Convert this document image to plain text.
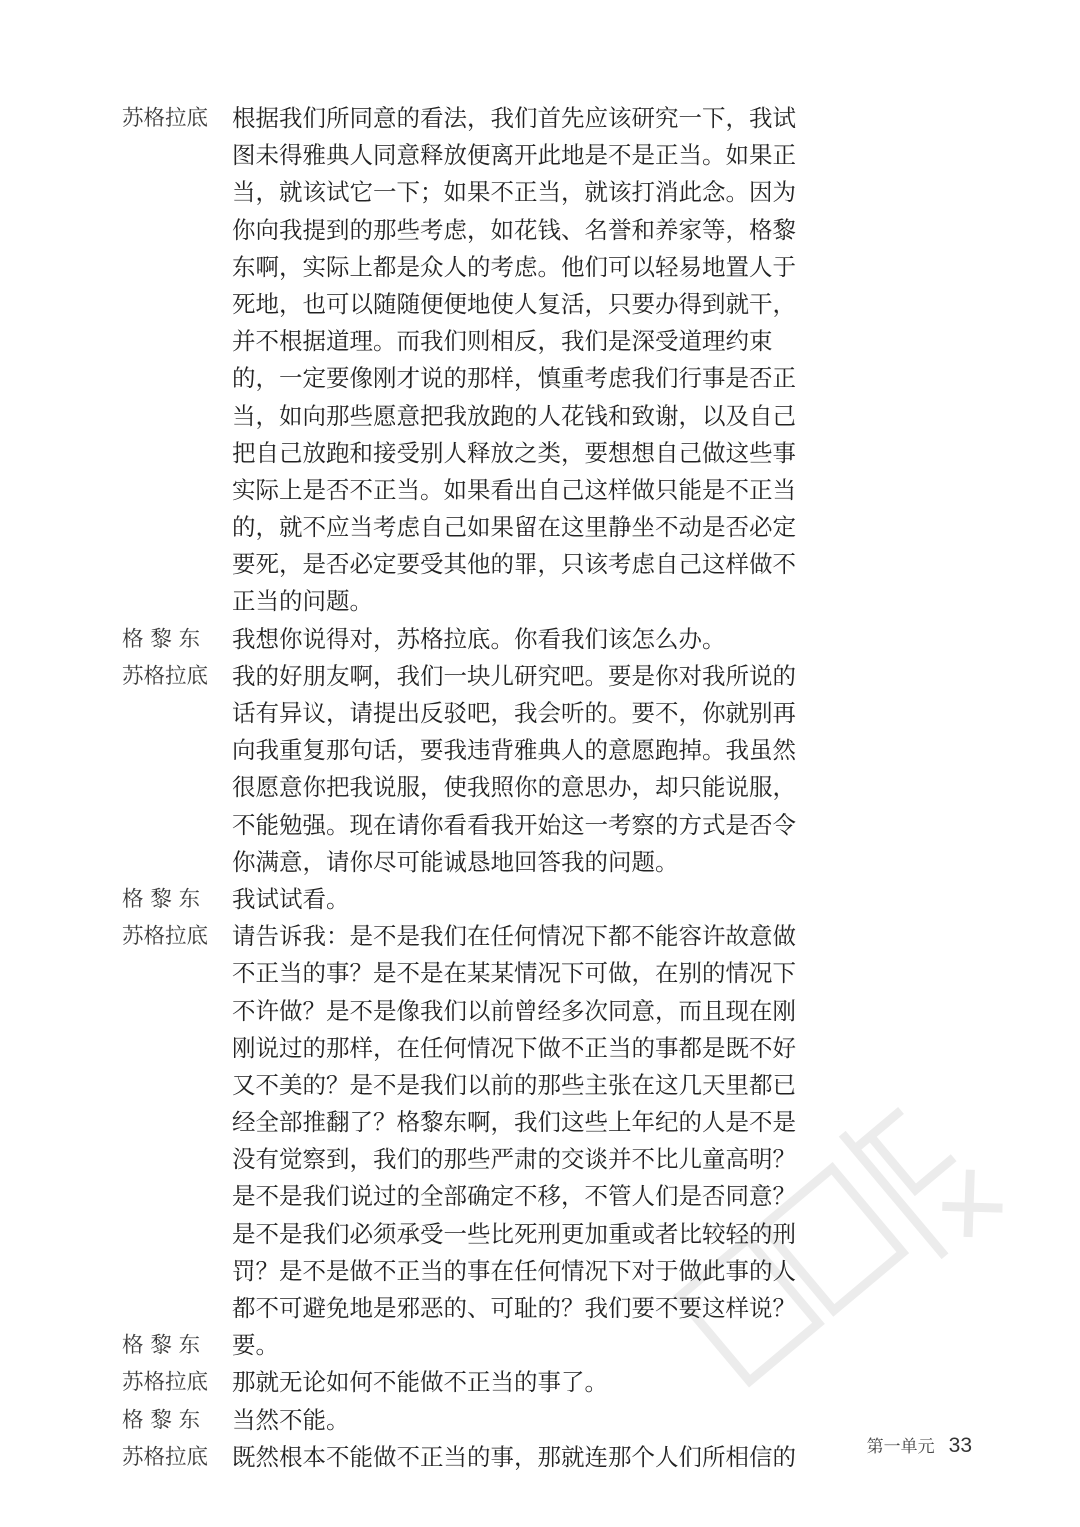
苏格拉底	根据我们所同意的看法，我们首先应该研究一下，我试
图未得雅典人同意释放便离开此地是不是正当。如果正
当，就该试它一下；如果不正当，就该打消此念。因为
你向我提到的那些考虑，如花钱、名誉和养家等，格黎
东啊，实际上都是众人的考虑。他们可以轻易地置人于
死地，也可以随随便便地使人复活，只要办得到就干，
并不根据道理。而我们则相反，我们是深受道理约束
的，一定要像刚才说的那样，慎重考虑我们行事是否正
当，如向那些愿意把我放跑的人花钱和致谢，以及自己
把自己放跑和接受别人释放之类，要想想自己做这些事
实际上是否不正当。如果看出自己这样做只能是不正当
的，就不应当考虑自己如果留在这里静坐不动是否必定
要死，是否必定要受其他的罪，只该考虑自己这样做不
正当的问题。
格 黎 东	我想你说得对，苏格拉底。你看我们该怎么办。
苏格拉底	我的好朋友啊，我们一块儿研究吧。要是你对我所说的
话有异议，请提出反驳吧，我会听的。要不，你就别再
向我重复那句话，要我违背雅典人的意愿跑掉。我虽然
很愿意你把我说服，使我照你的意思办，却只能说服，
不能勉强。现在请你看看我开始这一考察的方式是否令
你满意，请你尽可能诚恳地回答我的问题。
格 黎 东	我试试看。
苏格拉底	请告诉我：是不是我们在任何情况下都不能容许故意做
不正当的事？是不是在某某情况下可做，在别的情况下
不许做？是不是像我们以前曾经多次同意，而且现在刚
刚说过的那样，在任何情况下做不正当的事都是既不好
又不美的？是不是我们以前的那些主张在这几天里都已
经全部推翻了？格黎东啊，我们这些上年纪的人是不是
没有觉察到，我们的那些严肃的交谈并不比儿童高明？
是不是我们说过的全部确定不移，不管人们是否同意？
是不是我们必须承受一些比死刑更加重或者比较轻的刑
罚？是不是做不正当的事在任何情况下对于做此事的人
都不可避免地是邪恶的、可耻的？我们要不要这样说？
格 黎 东	要。
苏格拉底	那就无论如何不能做不正当的事了。
格 黎 东	当然不能。
苏格拉底	既然根本不能做不正当的事，那就连那个人们所相信的	第一单元 33
